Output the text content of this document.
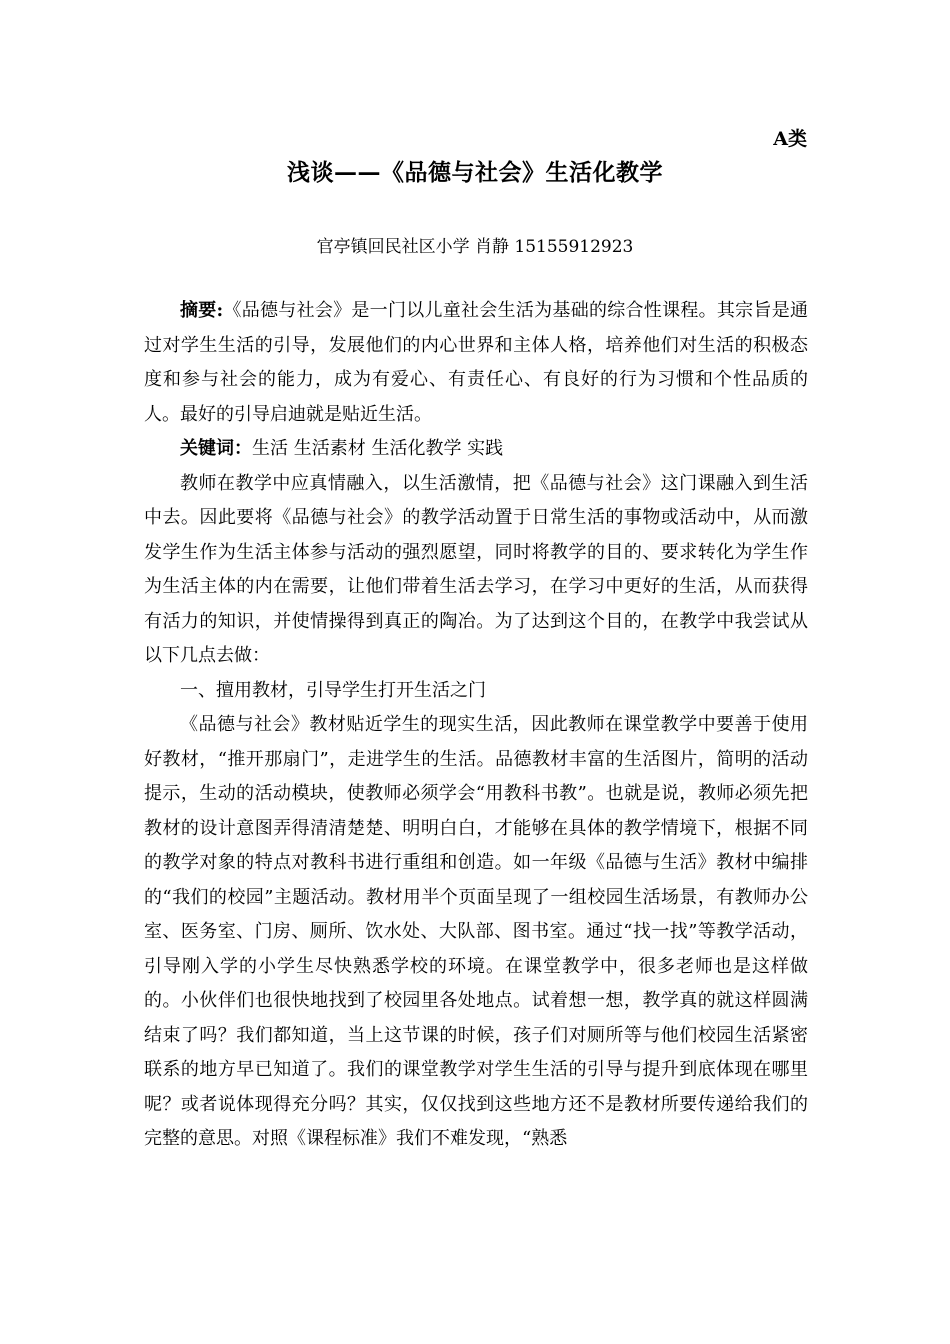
A类
浅谈——《品德与社会》生活化教学
官亭镇回民社区小学 肖静 15155912923

摘要:《品德与社会》是一门以儿童社会生活为基础的综合性课程。其宗旨是通过对学生生活的引导，发展他们的内心世界和主体人格，培养他们对生活的积极态度和参与社会的能力，成为有爱心、有责任心、有良好的行为习惯和个性品质的人。最好的引导启迪就是贴近生活。

关键词：生活 生活素材 生活化教学 实践

教师在教学中应真情融入，以生活激情，把《品德与社会》这门课融入到生活中去。因此要将《品德与社会》的教学活动置于日常生活的事物或活动中，从而激发学生作为生活主体参与活动的强烈愿望，同时将教学的目的、要求转化为学生作为生活主体的内在需要，让他们带着生活去学习，在学习中更好的生活，从而获得有活力的知识，并使情操得到真正的陶冶。为了达到这个目的，在教学中我尝试从以下几点去做：

一、擅用教材，引导学生打开生活之门

《品德与社会》教材贴近学生的现实生活，因此教师在课堂教学中要善于使用好教材，“推开那扇门”，走进学生的生活。品德教材丰富的生活图片，简明的活动提示，生动的活动模块，使教师必须学会“用教科书教”。也就是说，教师必须先把教材的设计意图弄得清清楚楚、明明白白，才能够在具体的教学情境下，根据不同的教学对象的特点对教科书进行重组和创造。如一年级《品德与生活》教材中编排的“我们的校园”主题活动。教材用半个页面呈现了一组校园生活场景，有教师办公室、医务室、门房、厕所、饮水处、大队部、图书室。通过“找一找”等教学活动，引导刚入学的小学生尽快熟悉学校的环境。在课堂教学中，很多老师也是这样做的。小伙伴们也很快地找到了校园里各处地点。试着想一想，教学真的就这样圆满结束了吗？我们都知道，当上这节课的时候，孩子们对厕所等与他们校园生活紧密联系的地方早已知道了。我们的课堂教学对学生生活的引导与提升到底体现在哪里呢？或者说体现得充分吗？其实，仅仅找到这些地方还不是教材所要传递给我们的完整的意思。对照《课程标准》我们不难发现，“熟悉
